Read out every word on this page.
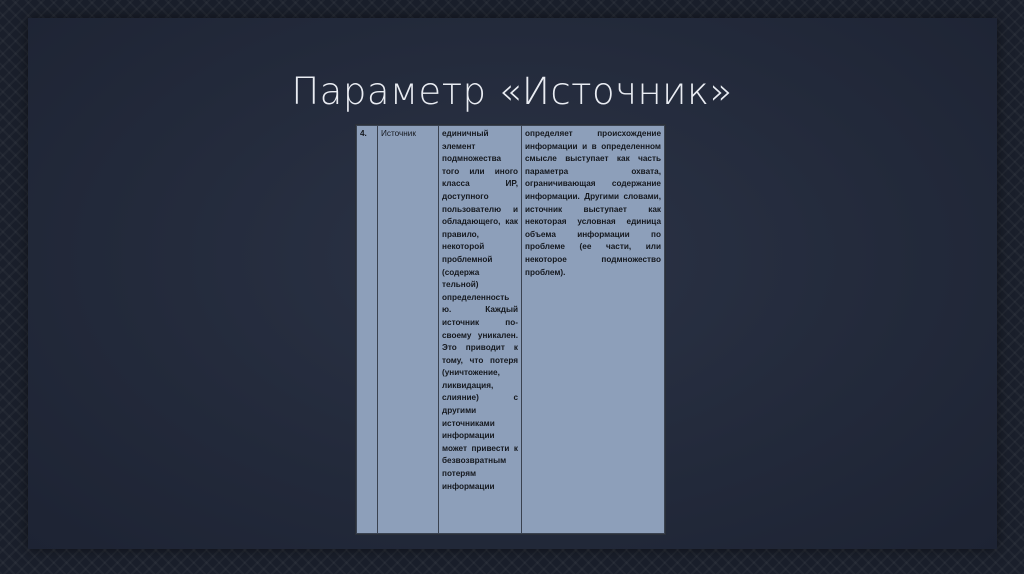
Параметр «Источник»
4.	Источник	единичный элемент подмножества того или иного класса ИР, доступного пользователю и обладающего, как правило, некоторой проблемной (содержа тельной) определенность ю. Каждый источник по-своему уникален. Это приводит к тому, что потеря (уничтожение, ликвидация, слияние) с другими источниками информации может привести к безвозвратным потерям информации	определяет происхождение информации и в определенном смысле выступает как часть параметра охвата, ограничивающая содержание информации. Другими словами, источник выступает как некоторая условная единица объема информации по проблеме (ее части, или некоторое подмножество проблем).
